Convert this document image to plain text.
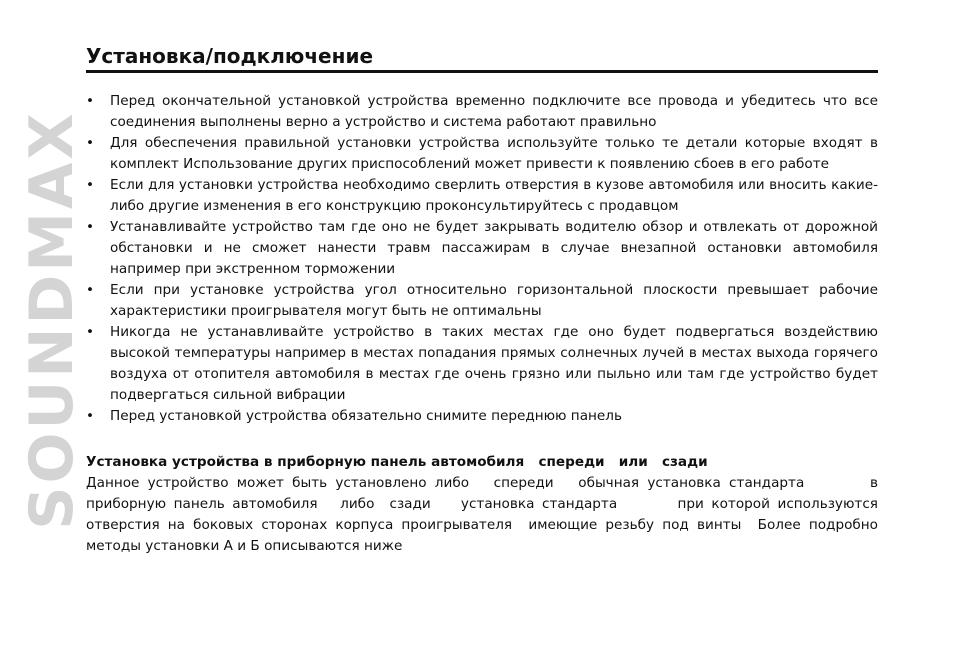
SOUNDMAX
Установка/подключение
• Перед окончательной установкой устройства временно подключите все провода и убедитесь что все соединения выполнены верно а устройство и система работают правильно
• Для обеспечения правильной установки устройства используйте только те детали которые входят в комплект Использование других приспособлений может привести к появлению сбоев в его работе
• Если для установки устройства необходимо сверлить отверстия в кузове автомобиля или вносить какие-либо другие изменения в его конструкцию проконсультируйтесь с продавцом
• Устанавливайте устройство там где оно не будет закрывать водителю обзор и отвлекать от дорожной обстановки и не сможет нанести травм пассажирам в случае внезапной остановки автомобиля например при экстренном торможении
• Если при установке устройства угол относительно горизонтальной плоскости превышает рабочие характеристики проигрывателя могут быть не оптимальны
• Никогда не устанавливайте устройство в таких местах где оно будет подвергаться воздействию высокой температуры например в местах попадания прямых солнечных лучей в местах выхода горячего воздуха от отопителя автомобиля в местах где очень грязно или пыльно или там где устройство будет подвергаться сильной вибрации
• Перед установкой устройства обязательно снимите переднюю панель

Установка устройства в приборную панель автомобиля   спереди   или   сзади

Данное устройство может быть установлено либо   спереди   обычная установка стандарта        в приборную панель автомобиля   либо  сзади    установка стандарта        при которой используются отверстия на боковых сторонах корпуса проигрывателя  имеющие резьбу под винты  Более подробно методы установки А и Б описываются ниже
